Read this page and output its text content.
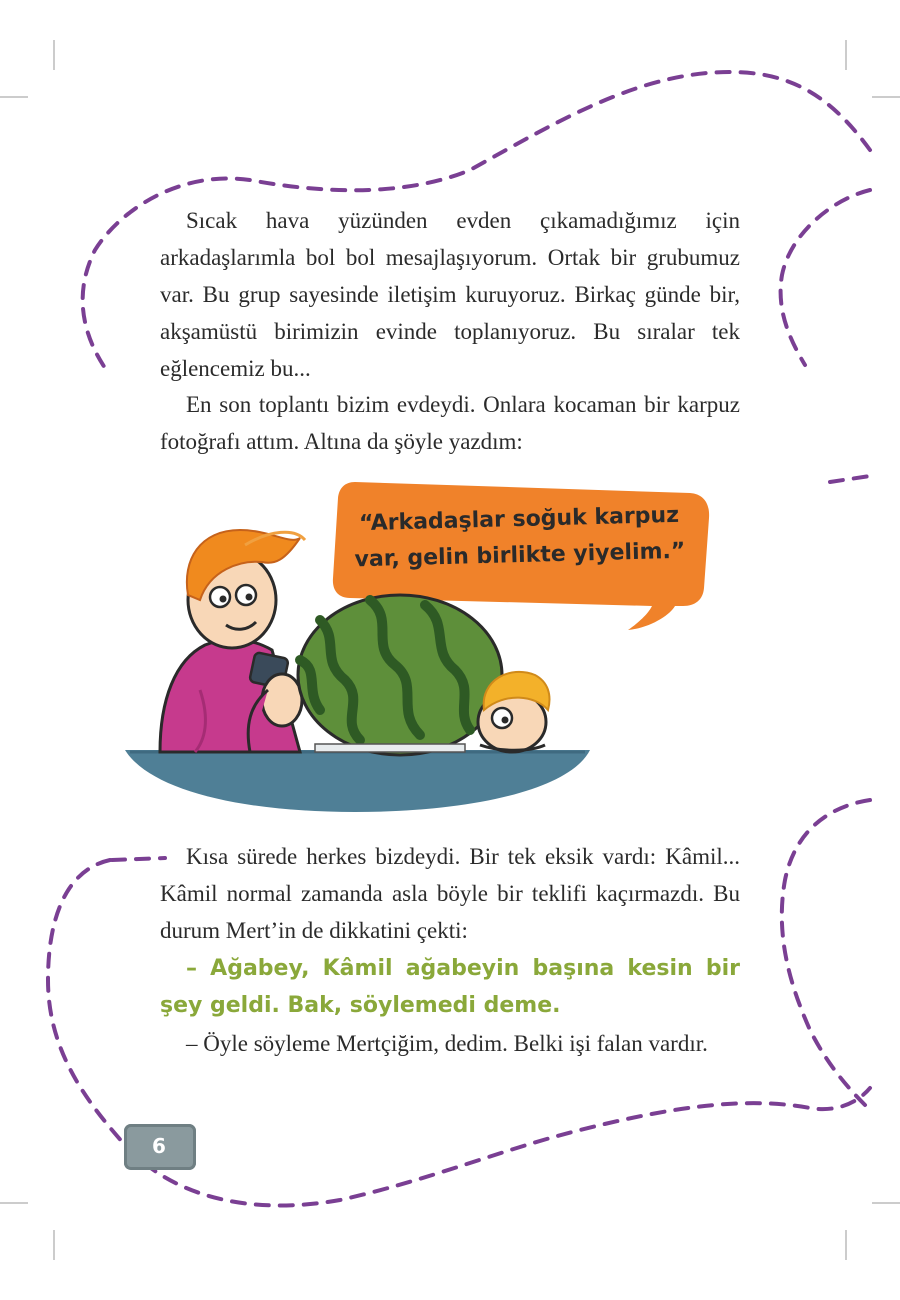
Sıcak hava yüzünden evden çıkamadığımız için arkadaşlarımla bol bol mesajlaşıyorum. Ortak bir grubumuz var. Bu grup sayesinde iletişim kuruyoruz. Birkaç günde bir, akşamüstü birimizin evinde toplanıyoruz. Bu sıralar tek eğlencemiz bu...

En son toplantı bizim evdeydi. Onlara kocaman bir karpuz fotoğrafı attım. Altına da şöyle yazdım:

“Arkadaşlar soğuk karpuz var, gelin birlikte yiyelim.”

Kısa sürede herkes bizdeydi. Bir tek eksik vardı: Kâmil... Kâmil normal zamanda asla böyle bir teklifi kaçırmazdı. Bu durum Mert’in de dikkatini çekti:

– Ağabey, Kâmil ağabeyin başına kesin bir şey geldi. Bak, söylemedi deme.

– Öyle söyleme Mertçiğim, dedim. Belki işi falan vardır.

6
